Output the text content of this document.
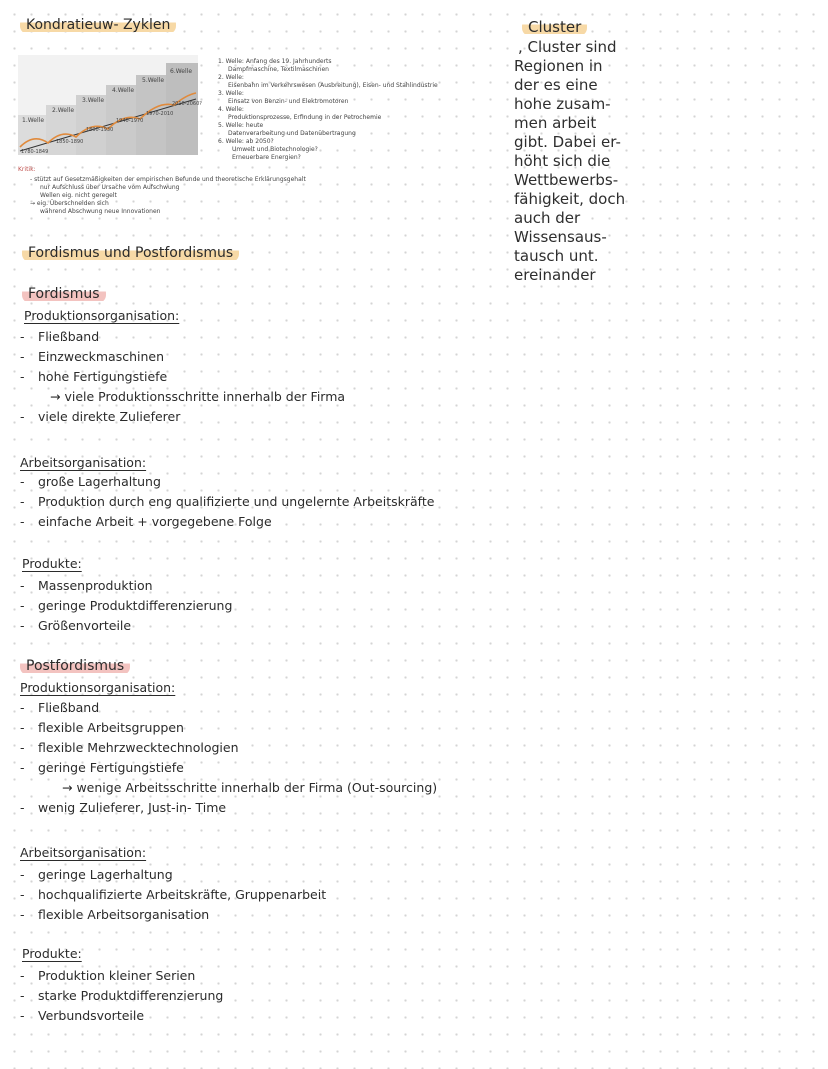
Kondratieuw- Zyklen
1.Welle
2.Welle
3.Welle
4.Welle
5.Welle
6.Welle
1780-1849
1850-1890
1890-1930
1940-1970
1970-2010
2010-2060?
1. Welle: Anfang des 19. Jahrhunderts
Dampfmaschine, Textilmaschinen
2. Welle:
Eisenbahn im Verkehrswesen (Ausbreitung), Eisen- und Stahlindustrie
3. Welle:
Einsatz von Benzin- und Elektromotoren
4. Welle:
Produktionsprozesse, Erfindung in der Petrochemie
5. Welle: heute
Datenverarbeitung und Datenübertragung
6. Welle: ab 2050?
Umwelt und Biotechnologie?
Erneuerbare Energien?
Kritik:
- stützt auf Gesetzmäßigkeiten der empirischen Befunde und theoretische Erklärungsgehalt
nur Aufschluss über Ursache vom Aufschwung
Wellen eig. nicht geregelt
→ eig. Überschneiden sich
während Abschwung neue Innovationen
Cluster
, Cluster sind
Regionen in
der es eine
hohe zusam-
men arbeit
gibt. Dabei er-
höht sich die
Wettbewerbs-
fähigkeit, doch
auch der
Wissensaus-
tausch unt.
ereinander
Fordismus und Postfordismus
Fordismus
Produktionsorganisation:
- Fließband
- Einzweckmaschinen
- hohe Fertigungstiefe
→ viele Produktionsschritte innerhalb der Firma
- viele direkte Zulieferer
Arbeitsorganisation:
- große Lagerhaltung
- Produktion durch eng qualifizierte und ungelernte Arbeitskräfte
- einfache Arbeit + vorgegebene Folge
Produkte:
- Massenproduktion
- geringe Produktdifferenzierung
- Größenvorteile
Postfordismus
Produktionsorganisation:
- Fließband
- flexible Arbeitsgruppen
- flexible Mehrzwecktechnologien
- geringe Fertigungstiefe
→ wenige Arbeitsschritte innerhalb der Firma (Out-sourcing)
- wenig Zulieferer, Just-in- Time
Arbeitsorganisation:
- geringe Lagerhaltung
- hochqualifizierte Arbeitskräfte, Gruppenarbeit
- flexible Arbeitsorganisation
Produkte:
- Produktion kleiner Serien
- starke Produktdifferenzierung
- Verbundsvorteile
